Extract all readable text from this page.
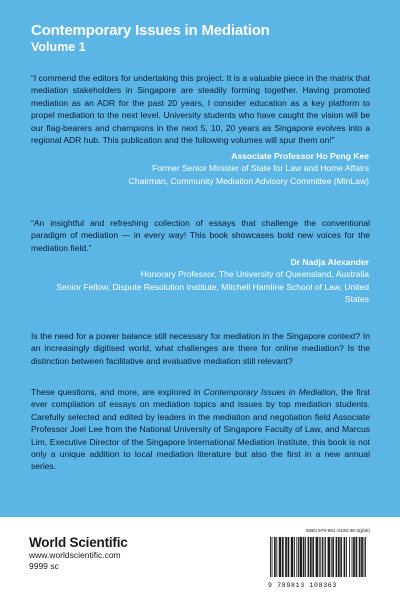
Contemporary Issues in Mediation
Volume 1
“I commend the editors for undertaking this project. It is a valuable piece in the matrix that mediation stakeholders in Singapore are steadily forming together. Having promoted mediation as an ADR for the past 20 years, I consider education as a key platform to propel mediation to the next level. University students who have caught the vision will be our flag-bearers and champions in the next 5, 10, 20 years as Singapore evolves into a regional ADR hub. This publication and the following volumes will spur them on!”
Associate Professor Ho Peng Kee
Former Senior Minister of State for Law and Home Affairs
Chairman, Community Mediation Advisory Committee (MinLaw)
“An insightful and refreshing collection of essays that challenge the conventional paradigm of mediation — in every way! This book showcases bold new voices for the mediation field.”
Dr Nadja Alexander
Honorary Professor, The University of Queensland, Australia
Senior Fellow, Dispute Resolution Institute, Mitchell Hamline School of Law, United States
Is the need for a power balance still necessary for mediation in the Singapore context? In an increasingly digitised world, what challenges are there for online mediation? Is the distinction between facilitative and evaluative mediation still relevant?
These questions, and more, are explored in Contemporary Issues in Mediation, the first ever compilation of essays on mediation topics and issues by top mediation students. Carefully selected and edited by leaders in the mediation and negotiation field Associate Professor Joel Lee from the National University of Singapore Faculty of Law, and Marcus Lim, Executive Director of the Singapore International Mediation Institute, this book is not only a unique addition to local mediation literature but also the first in a new annual series.
World Scientific
www.worldscientific.com
9999 sc
ISBN 978-981-3108-36-3(pbk)
9 789813 108363
